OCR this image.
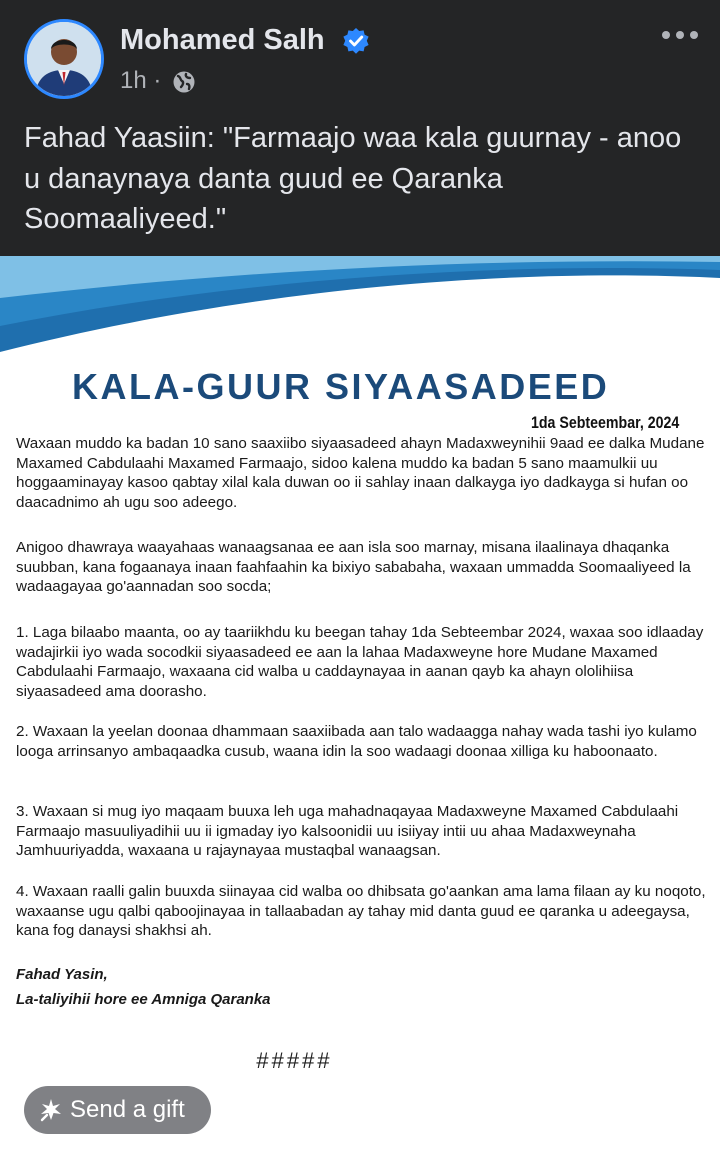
Mohamed Salh
1h ·
Fahad Yaasiin: "Farmaajo waa kala guurnay - anoo u danaynaya danta guud ee Qaranka Soomaaliyeed."
KALA-GUUR SIYAASADEED
1da Sebteembar, 2024
Waxaan muddo ka badan 10 sano saaxiibo siyaasadeed ahayn Madaxweynihii 9aad ee dalka Mudane Maxamed Cabdulaahi Maxamed Farmaajo, sidoo kalena muddo ka badan 5 sano maamulkii uu hoggaaminayay kasoo qabtay xilal kala duwan oo ii sahlay inaan dalkayga iyo dadkayga si hufan oo daacadnimo ah ugu soo adeego.
Anigoo dhawraya waayahaas wanaagsanaa ee aan isla soo marnay, misana ilaalinaya dhaqanka suubban, kana fogaanaya inaan faahfaahin ka bixiyo sababaha, waxaan ummadda Soomaaliyeed la wadaagayaa go'aannadan soo socda;
1. Laga bilaabo maanta, oo ay taariikhdu ku beegan tahay 1da Sebteembar 2024, waxaa soo idlaaday wadajirkii iyo wada socodkii siyaasadeed ee aan la lahaa Madaxweyne hore Mudane Maxamed Cabdulaahi Farmaajo, waxaana cid walba u caddaynayaa in aanan qayb ka ahayn ololihiisa siyaasadeed ama doorasho.
2. Waxaan la yeelan doonaa dhammaan saaxiibada aan talo wadaagga nahay wada tashi iyo kulamo looga arrinsanyo ambaqaadka cusub, waana idin la soo wadaagi doonaa xilliga ku haboonaato.
3. Waxaan si mug iyo maqaam buuxa leh uga mahadnaqayaa Madaxweyne Maxamed Cabdulaahi Farmaajo masuuliyadihii uu ii igmaday iyo kalsoonidii uu isiiyay intii uu ahaa Madaxweynaha Jamhuuriyadda, waxaana u rajaynayaa mustaqbal wanaagsan.
4. Waxaan raalli galin buuxda siinayaa cid walba oo dhibsata go'aankan ama lama filaan ay ku noqoto, waxaanse ugu qalbi qaboojinayaa in tallaabadan ay tahay mid danta guud ee qaranka u adeegaysa, kana fog danaysi shakhsi ah.
Fahad Yasin,
La-taliyihii hore ee Amniga Qaranka
#####
Send a gift
